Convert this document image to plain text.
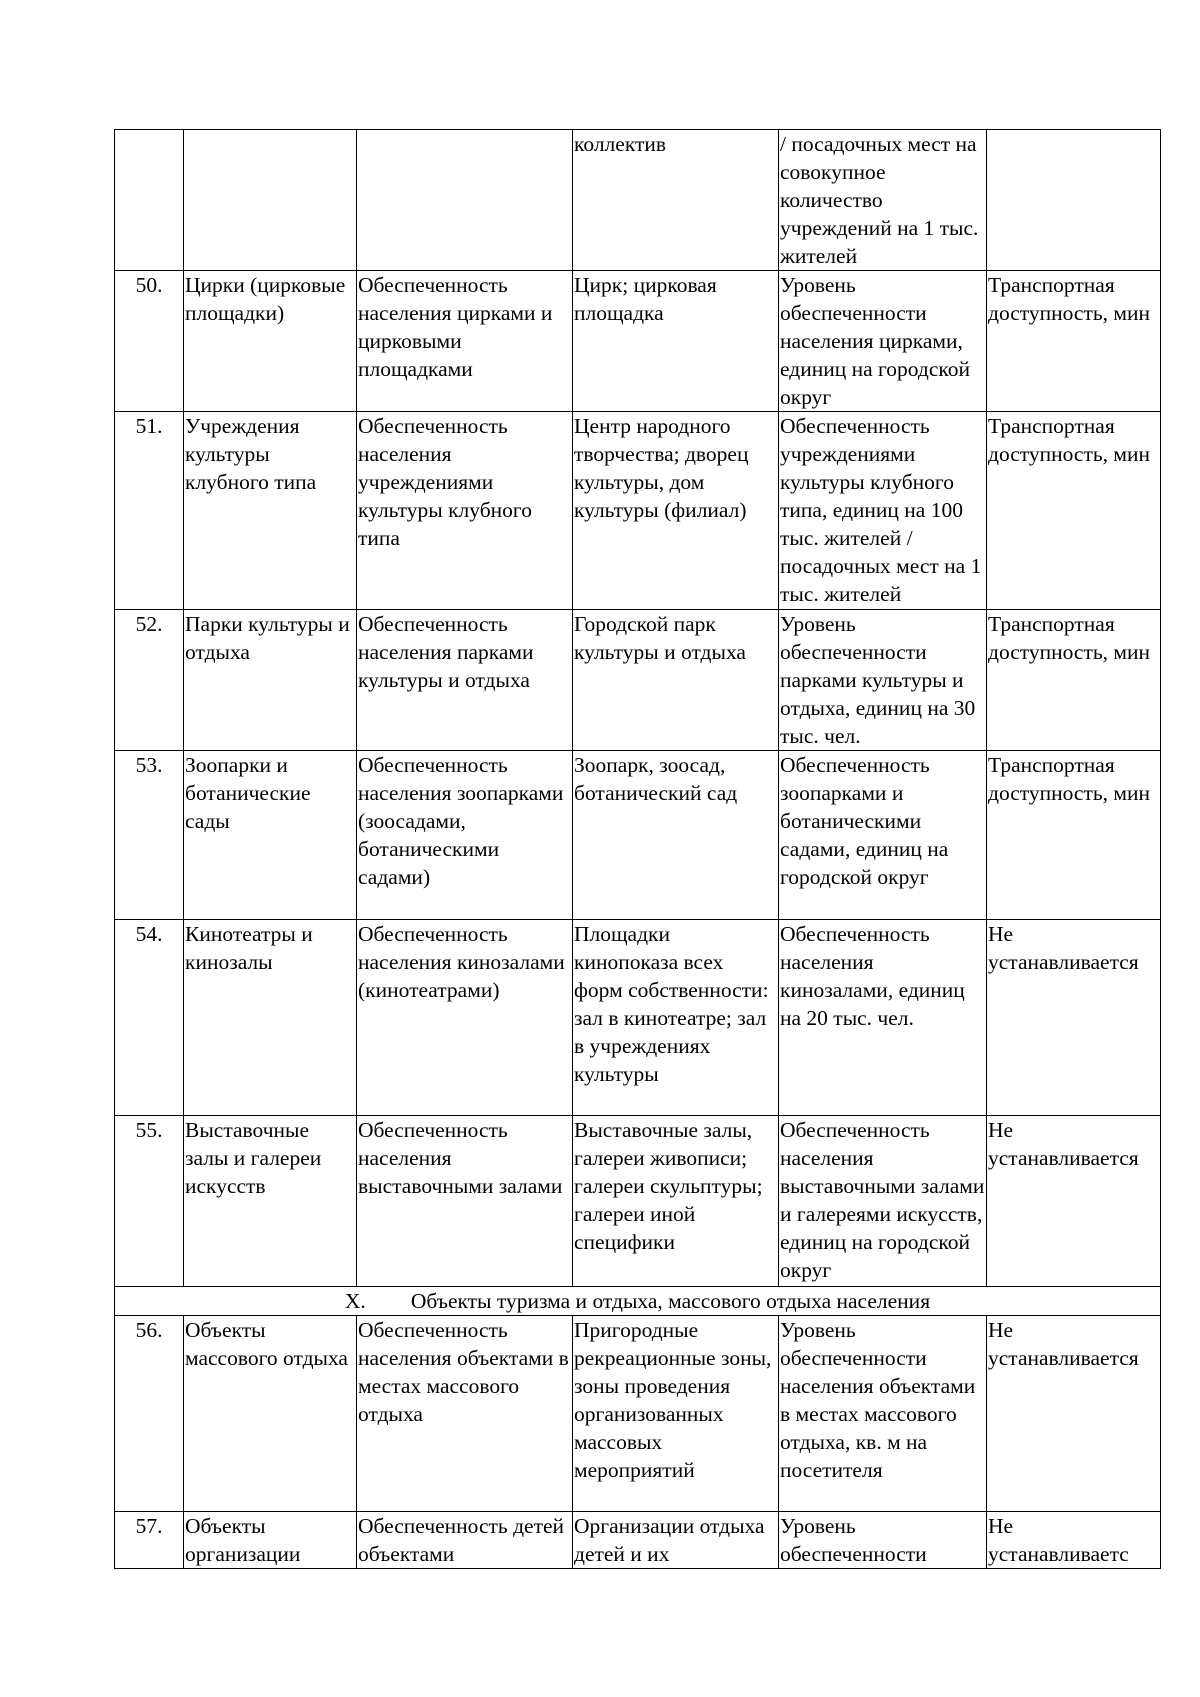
			коллектив	/ посадочных мест на совокупное количество учреждений на 1 тыс. жителей	
50.	Цирки (цирковые площадки)	Обеспеченность населения цирками и цирковыми площадками	Цирк; цирковая площадка	Уровень обеспеченности населения цирками, единиц на городской округ	Транспортная доступность, мин
51.	Учреждения культуры клубного типа	Обеспеченность населения учреждениями культуры клубного типа	Центр народного творчества; дворец культуры, дом культуры (филиал)	Обеспеченность учреждениями культуры клубного типа, единиц на 100 тыс. жителей / посадочных мест на 1 тыс. жителей	Транспортная доступность, мин
52.	Парки культуры и отдыха	Обеспеченность населения парками культуры и отдыха	Городской парк культуры и отдыха	Уровень обеспеченности парками культуры и отдыха, единиц на 30 тыс. чел.	Транспортная доступность, мин
53.	Зоопарки и ботанические сады	Обеспеченность населения зоопарками (зоосадами, ботаническими садами)	Зоопарк, зоосад, ботанический сад	Обеспеченность зоопарками и ботаническими садами, единиц на городской округ	Транспортная доступность, мин
54.	Кинотеатры и кинозалы	Обеспеченность населения кинозалами (кинотеатрами)	Площадки кинопоказа всех форм собственности: зал в кинотеатре; зал в учреждениях культуры	Обеспеченность населения кинозалами, единиц на 20 тыс. чел.	Не устанавливается
55.	Выставочные залы и галереи искусств	Обеспеченность населения выставочными залами	Выставочные залы, галереи живописи; галереи скульптуры; галереи иной специфики	Обеспеченность населения выставочными залами и галереями искусств, единиц на городской округ	Не устанавливается
X. Объекты туризма и отдыха, массового отдыха населения					
56.	Объекты массового отдыха	Обеспеченность населения объектами в местах массового отдыха	Пригородные рекреационные зоны, зоны проведения организованных массовых мероприятий	Уровень обеспеченности населения объектами в местах массового отдыха, кв. м на посетителя	Не устанавливается
57.	Объекты организации	Обеспеченность детей объектами	Организации отдыха детей и их	Уровень обеспеченности	Не устанавливаетс
